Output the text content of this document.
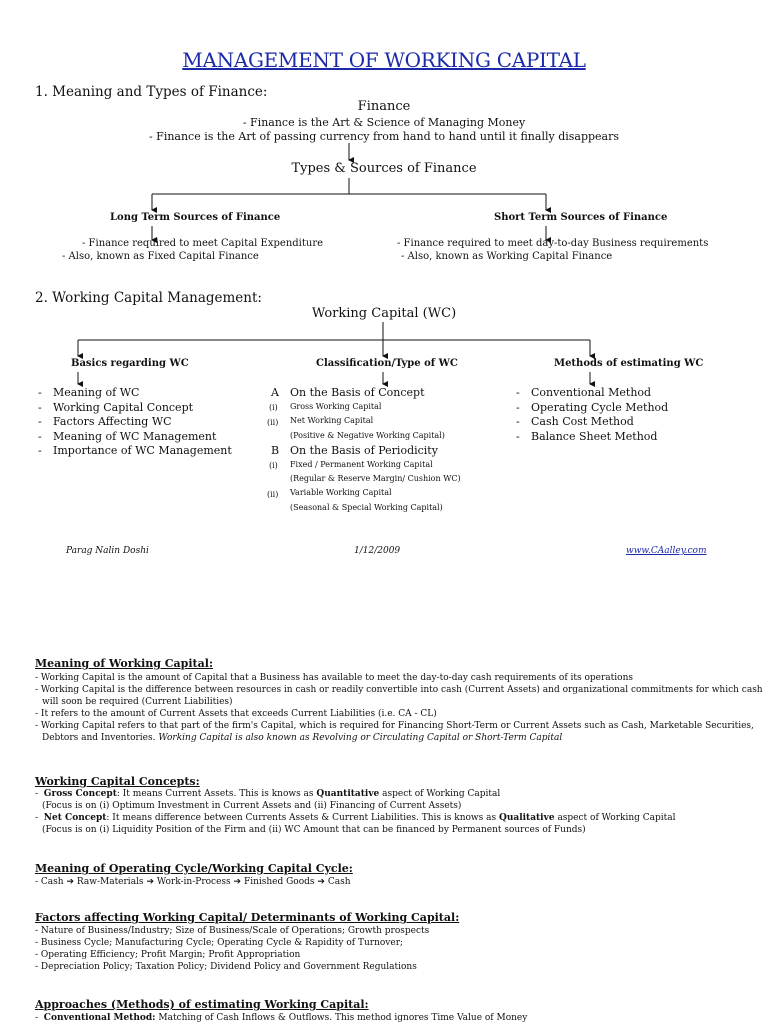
MANAGEMENT OF WORKING CAPITAL
1. Meaning and Types of Finance:
Finance
- Finance is the Art & Science of Managing Money
- Finance is the Art of passing currency from hand to hand until it finally disappears
Types & Sources of Finance
Long Term Sources of Finance
- Finance required to meet Capital Expenditure
- Also, known as Fixed Capital Finance
Short Term Sources of Finance
- Finance required to meet day-to-day Business requirements
- Also, known as Working Capital Finance
2. Working Capital Management:
Working Capital (WC)
Basics regarding WC	Classification/Type of WC	Methods of estimating WC
- Meaning of WC
- Working Capital Concept
- Factors Affecting WC
- Meaning of WC Management
- Importance of WC Management
A On the Basis of Concept
(i) Gross Working Capital
(ii) Net Working Capital
(Positive & Negative Working Capital)
B On the Basis of Periodicity
(i) Fixed / Permanent Working Capital
(Regular & Reserve Margin/ Cushion WC)
(ii) Variable Working Capital
(Seasonal & Special Working Capital)
- Conventional Method
- Operating Cycle Method
- Cash Cost Method
- Balance Sheet Method
Parag Nalin Doshi	1/12/2009	www.CAalley.com
Meaning of Working Capital:
- Working Capital is the amount of Capital that a Business has available to meet the day-to-day cash requirements of its operations
- Working Capital is the difference between resources in cash or readily convertible into cash (Current Assets) and organizational commitments for which cash
will soon be required (Current Liabilities)
- It refers to the amount of Current Assets that exceeds Current Liabilities (i.e. CA - CL)
- Working Capital refers to that part of the firm's Capital, which is required for Financing Short-Term or Current Assets such as Cash, Marketable Securities,
Debtors and Inventories. Working Capital is also known as Revolving or Circulating Capital or Short-Term Capital
Working Capital Concepts:
- Gross Concept: It means Current Assets. This is knows as Quantitative aspect of Working Capital
(Focus is on (i) Optimum Investment in Current Assets and (ii) Financing of Current Assets)
- Net Concept: It means difference between Currents Assets & Current Liabilities. This is knows as Qualitative aspect of Working Capital
(Focus is on (i) Liquidity Position of the Firm and (ii) WC Amount that can be financed by Permanent sources of Funds)
Meaning of Operating Cycle/Working Capital Cycle:
- Cash ➔ Raw-Materials ➔ Work-in-Process ➔ Finished Goods ➔ Cash
Factors affecting Working Capital/ Determinants of Working Capital:
- Nature of Business/Industry; Size of Business/Scale of Operations; Growth prospects
- Business Cycle; Manufacturing Cycle; Operating Cycle & Rapidity of Turnover;
- Operating Efficiency; Profit Margin; Profit Appropriation
- Depreciation Policy; Taxation Policy; Dividend Policy and Government Regulations
Approaches (Methods) of estimating Working Capital:
- Conventional Method: Matching of Cash Inflows & Outflows. This method ignores Time Value of Money
